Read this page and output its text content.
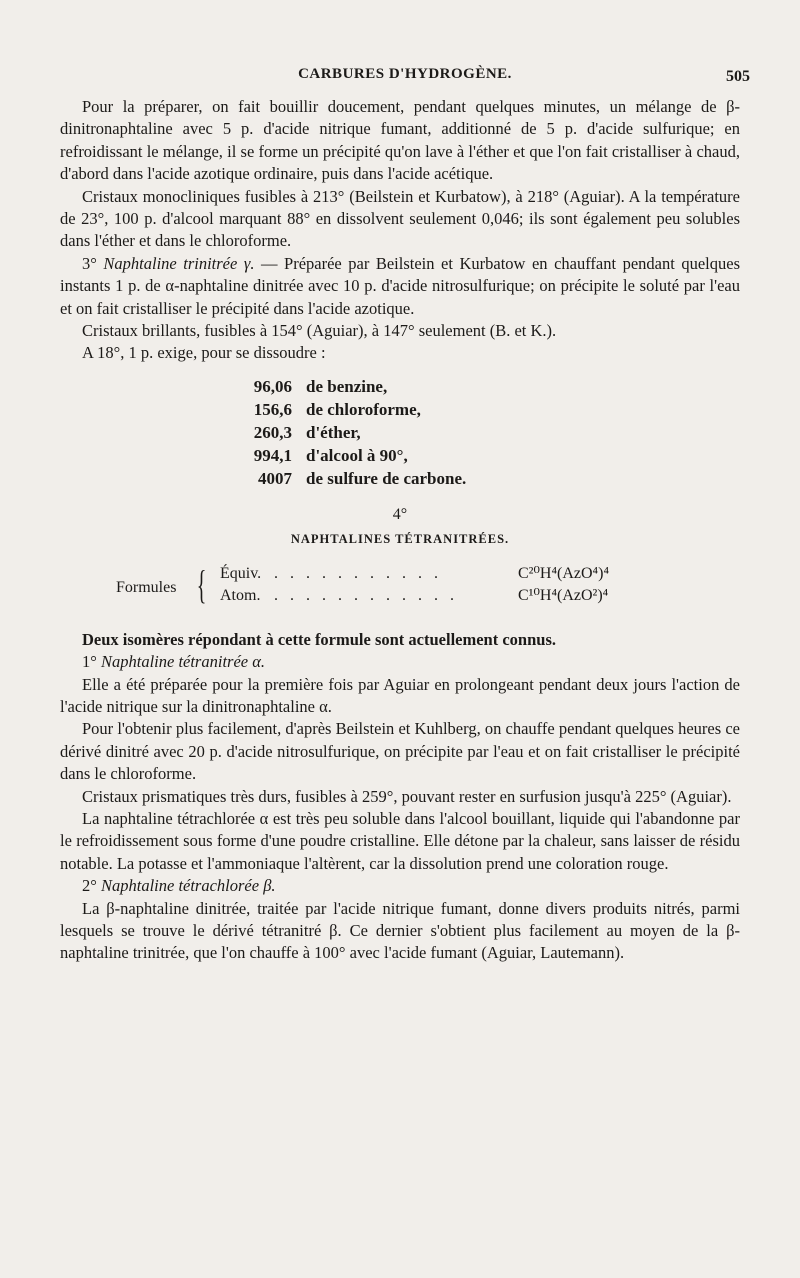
CARBURES D'HYDROGÈNE.	505

Pour la préparer, on fait bouillir doucement, pendant quelques minutes, un mélange de β-dinitronaphtaline avec 5 p. d'acide nitrique fumant, additionné de 5 p. d'acide sulfurique; en refroidissant le mélange, il se forme un précipité qu'on lave à l'éther et que l'on fait cristalliser à chaud, d'abord dans l'acide azotique ordinaire, puis dans l'acide acétique.

Cristaux monocliniques fusibles à 213° (Beilstein et Kurbatow), à 218° (Aguiar). A la température de 23°, 100 p. d'alcool marquant 88° en dissolvent seulement 0,046; ils sont également peu solubles dans l'éther et dans le chloroforme.

3° Naphtaline trinitrée γ. — Préparée par Beilstein et Kurbatow en chauffant pendant quelques instants 1 p. de α-naphtaline dinitrée avec 10 p. d'acide nitrosulfurique; on précipite le soluté par l'eau et on fait cristalliser le précipité dans l'acide azotique.

Cristaux brillants, fusibles à 154° (Aguiar), à 147° seulement (B. et K.).

A 18°, 1 p. exige, pour se dissoudre :

96,06 de benzine,
156,6 de chloroforme,
260,3 d'éther,
994,1 d'alcool à 90°,
4007 de sulfure de carbone.
4°
NAPHTALINES TÉTRANITRÉES.
Formules { Équiv. . . . . . . . . . . .	C²⁰H⁴(AzO⁴)⁴
Atom. . . . . . . . . . . . .	C¹⁰H⁴(AzO²)⁴

Deux isomères répondant à cette formule sont actuellement connus.

1° Naphtaline tétranitrée α.

Elle a été préparée pour la première fois par Aguiar en prolongeant pendant deux jours l'action de l'acide nitrique sur la dinitronaphtaline α.

Pour l'obtenir plus facilement, d'après Beilstein et Kuhlberg, on chauffe pendant quelques heures ce dérivé dinitré avec 20 p. d'acide nitrosulfurique, on précipite par l'eau et on fait cristalliser le précipité dans le chloroforme.

Cristaux prismatiques très durs, fusibles à 259°, pouvant rester en surfusion jusqu'à 225° (Aguiar).

La naphtaline tétrachlorée α est très peu soluble dans l'alcool bouillant, liquide qui l'abandonne par le refroidissement sous forme d'une poudre cristalline. Elle détone par la chaleur, sans laisser de résidu notable. La potasse et l'ammoniaque l'altèrent, car la dissolution prend une coloration rouge.

2° Naphtaline tétrachlorée β.

La β-naphtaline dinitrée, traitée par l'acide nitrique fumant, donne divers produits nitrés, parmi lesquels se trouve le dérivé tétranitré β. Ce dernier s'obtient plus facilement au moyen de la β-naphtaline trinitrée, que l'on chauffe à 100° avec l'acide fumant (Aguiar, Lautemann).
